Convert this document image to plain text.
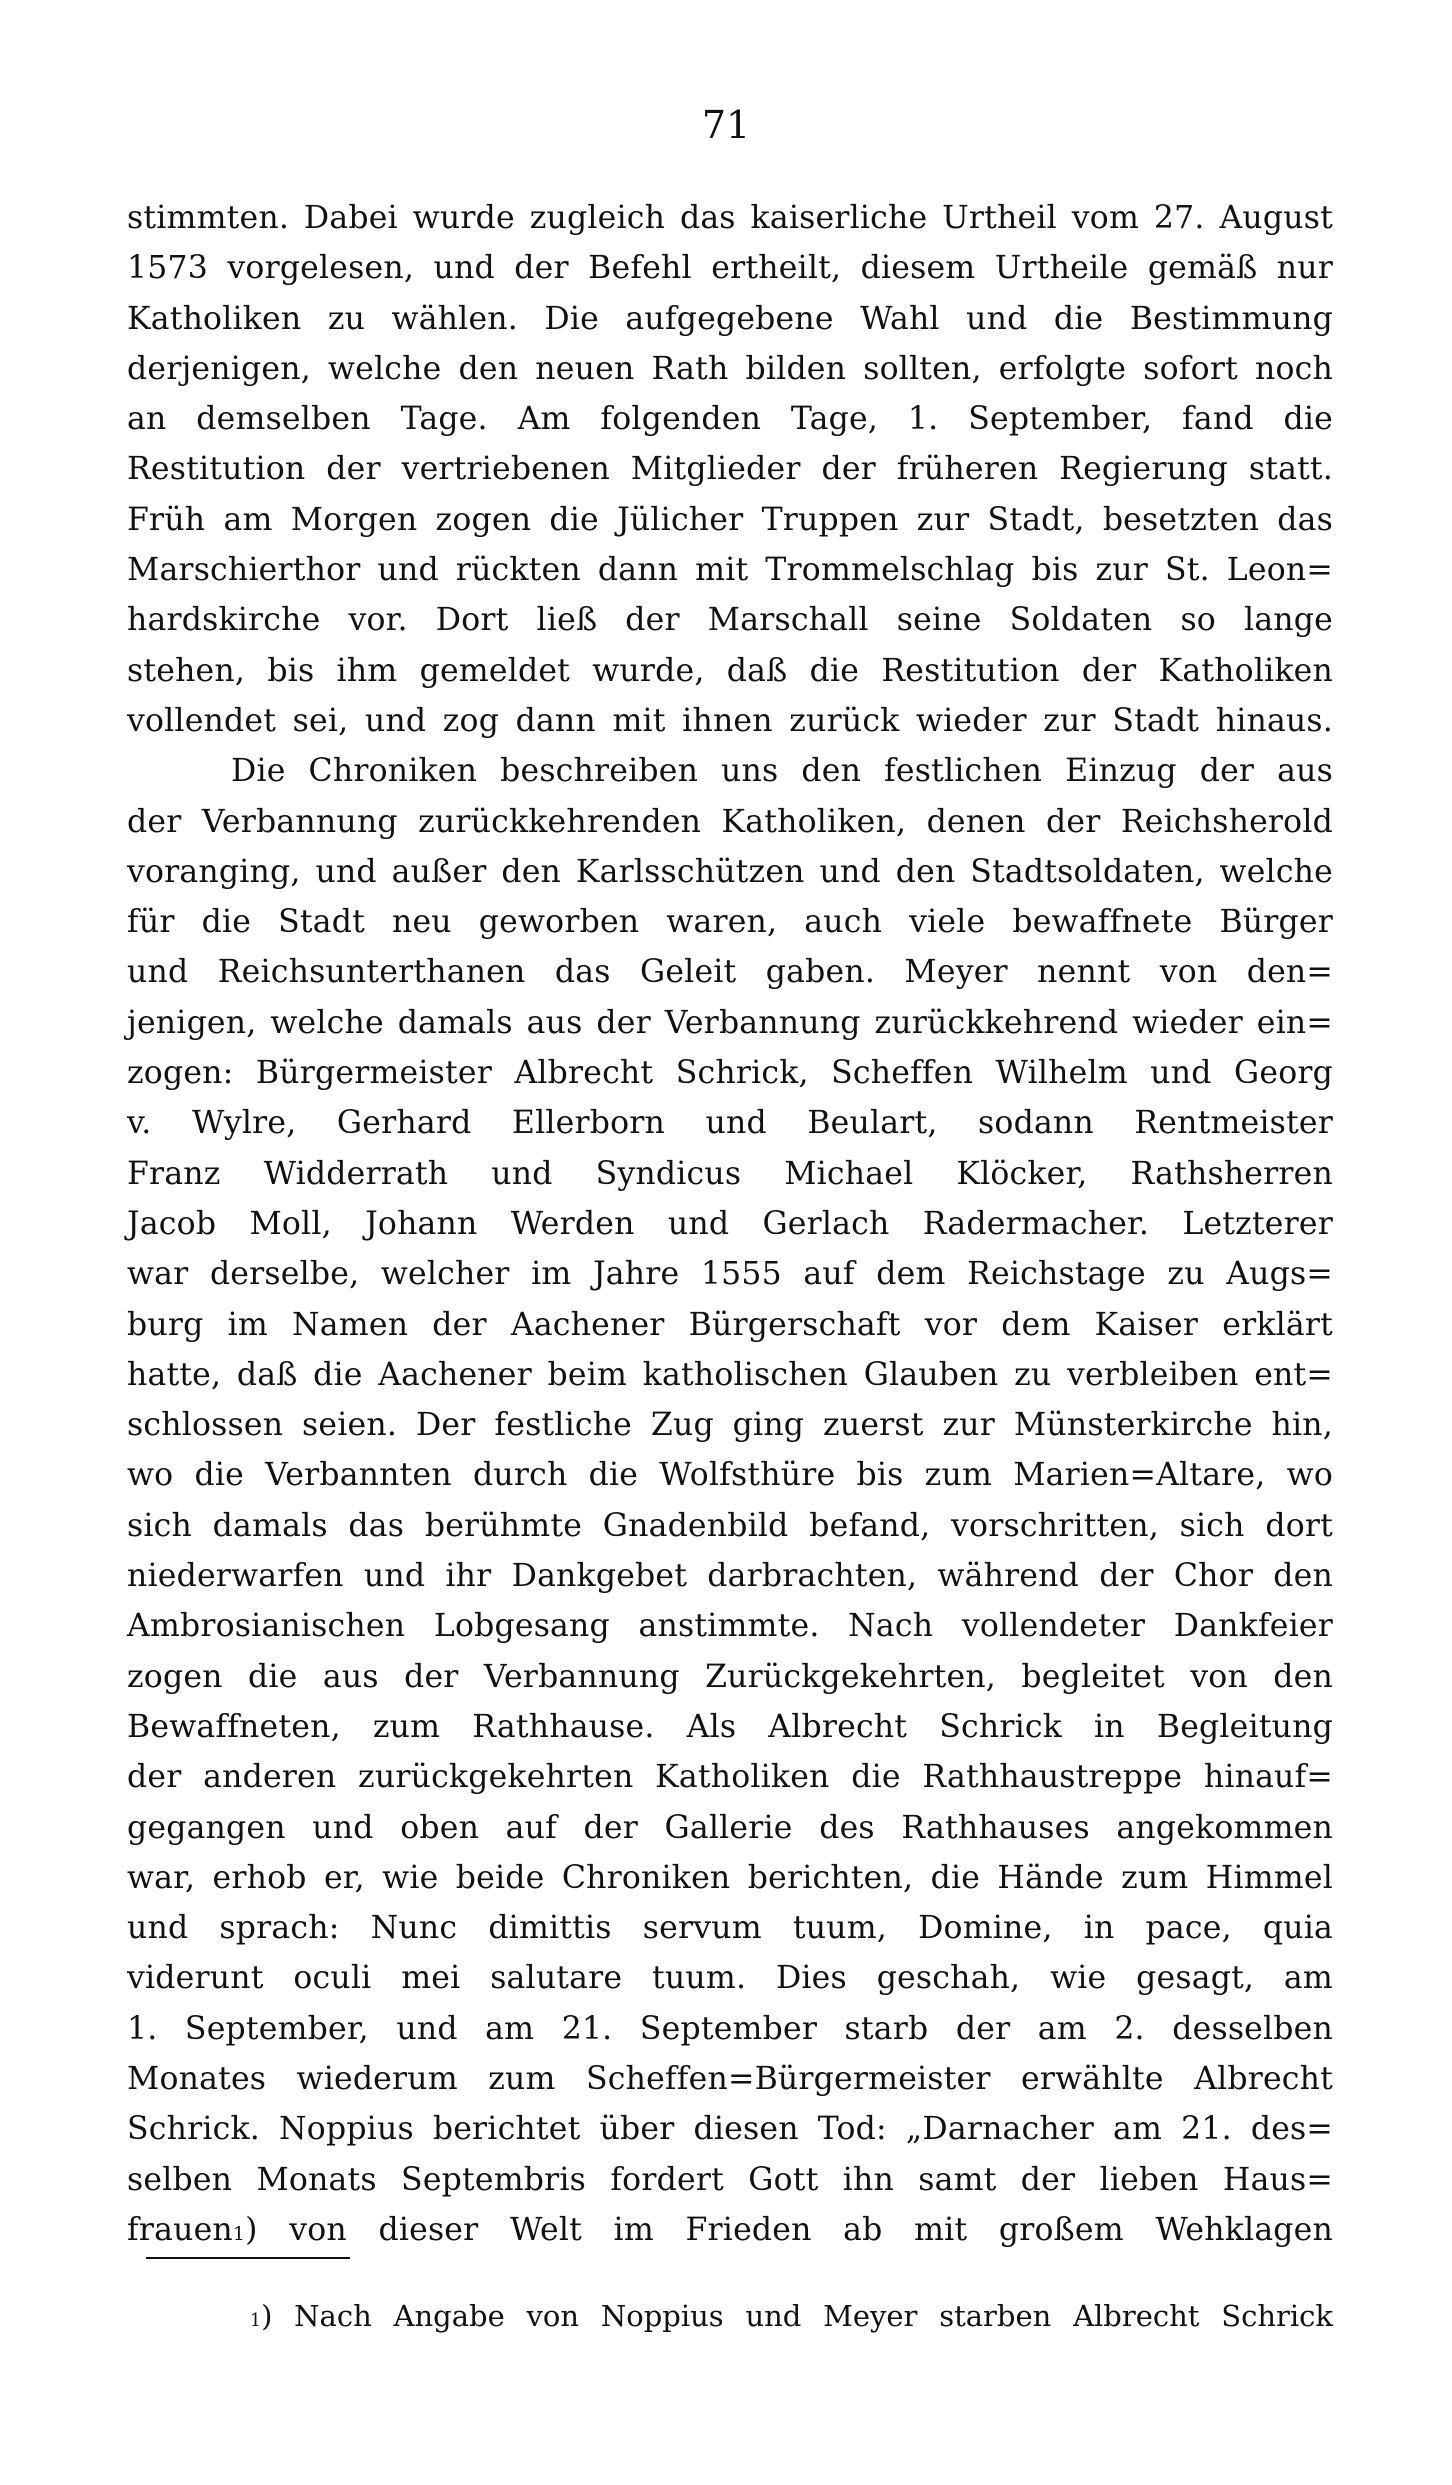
71
stimmten. Dabei wurde zugleich das kaiserliche Urtheil vom 27. August
1573 vorgelesen, und der Befehl ertheilt, diesem Urtheile gemäß nur
Katholiken zu wählen. Die aufgegebene Wahl und die Bestimmung
derjenigen, welche den neuen Rath bilden sollten, erfolgte sofort noch
an demselben Tage. Am folgenden Tage, 1. September, fand die
Restitution der vertriebenen Mitglieder der früheren Regierung statt.
Früh am Morgen zogen die Jülicher Truppen zur Stadt, besetzten das
Marschierthor und rückten dann mit Trommelschlag bis zur St. Leon=
hardskirche vor. Dort ließ der Marschall seine Soldaten so lange
stehen, bis ihm gemeldet wurde, daß die Restitution der Katholiken
vollendet sei, und zog dann mit ihnen zurück wieder zur Stadt hinaus.
Die Chroniken beschreiben uns den festlichen Einzug der aus
der Verbannung zurückkehrenden Katholiken, denen der Reichsherold
voranging, und außer den Karlsschützen und den Stadtsoldaten, welche
für die Stadt neu geworben waren, auch viele bewaffnete Bürger
und Reichsunterthanen das Geleit gaben. Meyer nennt von den=
jenigen, welche damals aus der Verbannung zurückkehrend wieder ein=
zogen: Bürgermeister Albrecht Schrick, Scheffen Wilhelm und Georg
v. Wylre, Gerhard Ellerborn und Beulart, sodann Rentmeister
Franz Widderrath und Syndicus Michael Klöcker, Rathsherren
Jacob Moll, Johann Werden und Gerlach Radermacher. Letzterer
war derselbe, welcher im Jahre 1555 auf dem Reichstage zu Augs=
burg im Namen der Aachener Bürgerschaft vor dem Kaiser erklärt
hatte, daß die Aachener beim katholischen Glauben zu verbleiben ent=
schlossen seien. Der festliche Zug ging zuerst zur Münsterkirche hin,
wo die Verbannten durch die Wolfsthüre bis zum Marien=Altare, wo
sich damals das berühmte Gnadenbild befand, vorschritten, sich dort
niederwarfen und ihr Dankgebet darbrachten, während der Chor den
Ambrosianischen Lobgesang anstimmte. Nach vollendeter Dankfeier
zogen die aus der Verbannung Zurückgekehrten, begleitet von den
Bewaffneten, zum Rathhause. Als Albrecht Schrick in Begleitung
der anderen zurückgekehrten Katholiken die Rathhaustreppe hinauf=
gegangen und oben auf der Gallerie des Rathhauses angekommen
war, erhob er, wie beide Chroniken berichten, die Hände zum Himmel
und sprach: Nunc dimittis servum tuum, Domine, in pace, quia
viderunt oculi mei salutare tuum. Dies geschah, wie gesagt, am
1. September, und am 21. September starb der am 2. desselben
Monates wiederum zum Scheffen=Bürgermeister erwählte Albrecht
Schrick. Noppius berichtet über diesen Tod: „Darnacher am 21. des=
selben Monats Septembris fordert Gott ihn samt der lieben Haus=
frauen$^1$) von dieser Welt im Frieden ab mit großem Wehklagen
$^1$) Nach Angabe von Noppius und Meyer starben Albrecht Schrick
